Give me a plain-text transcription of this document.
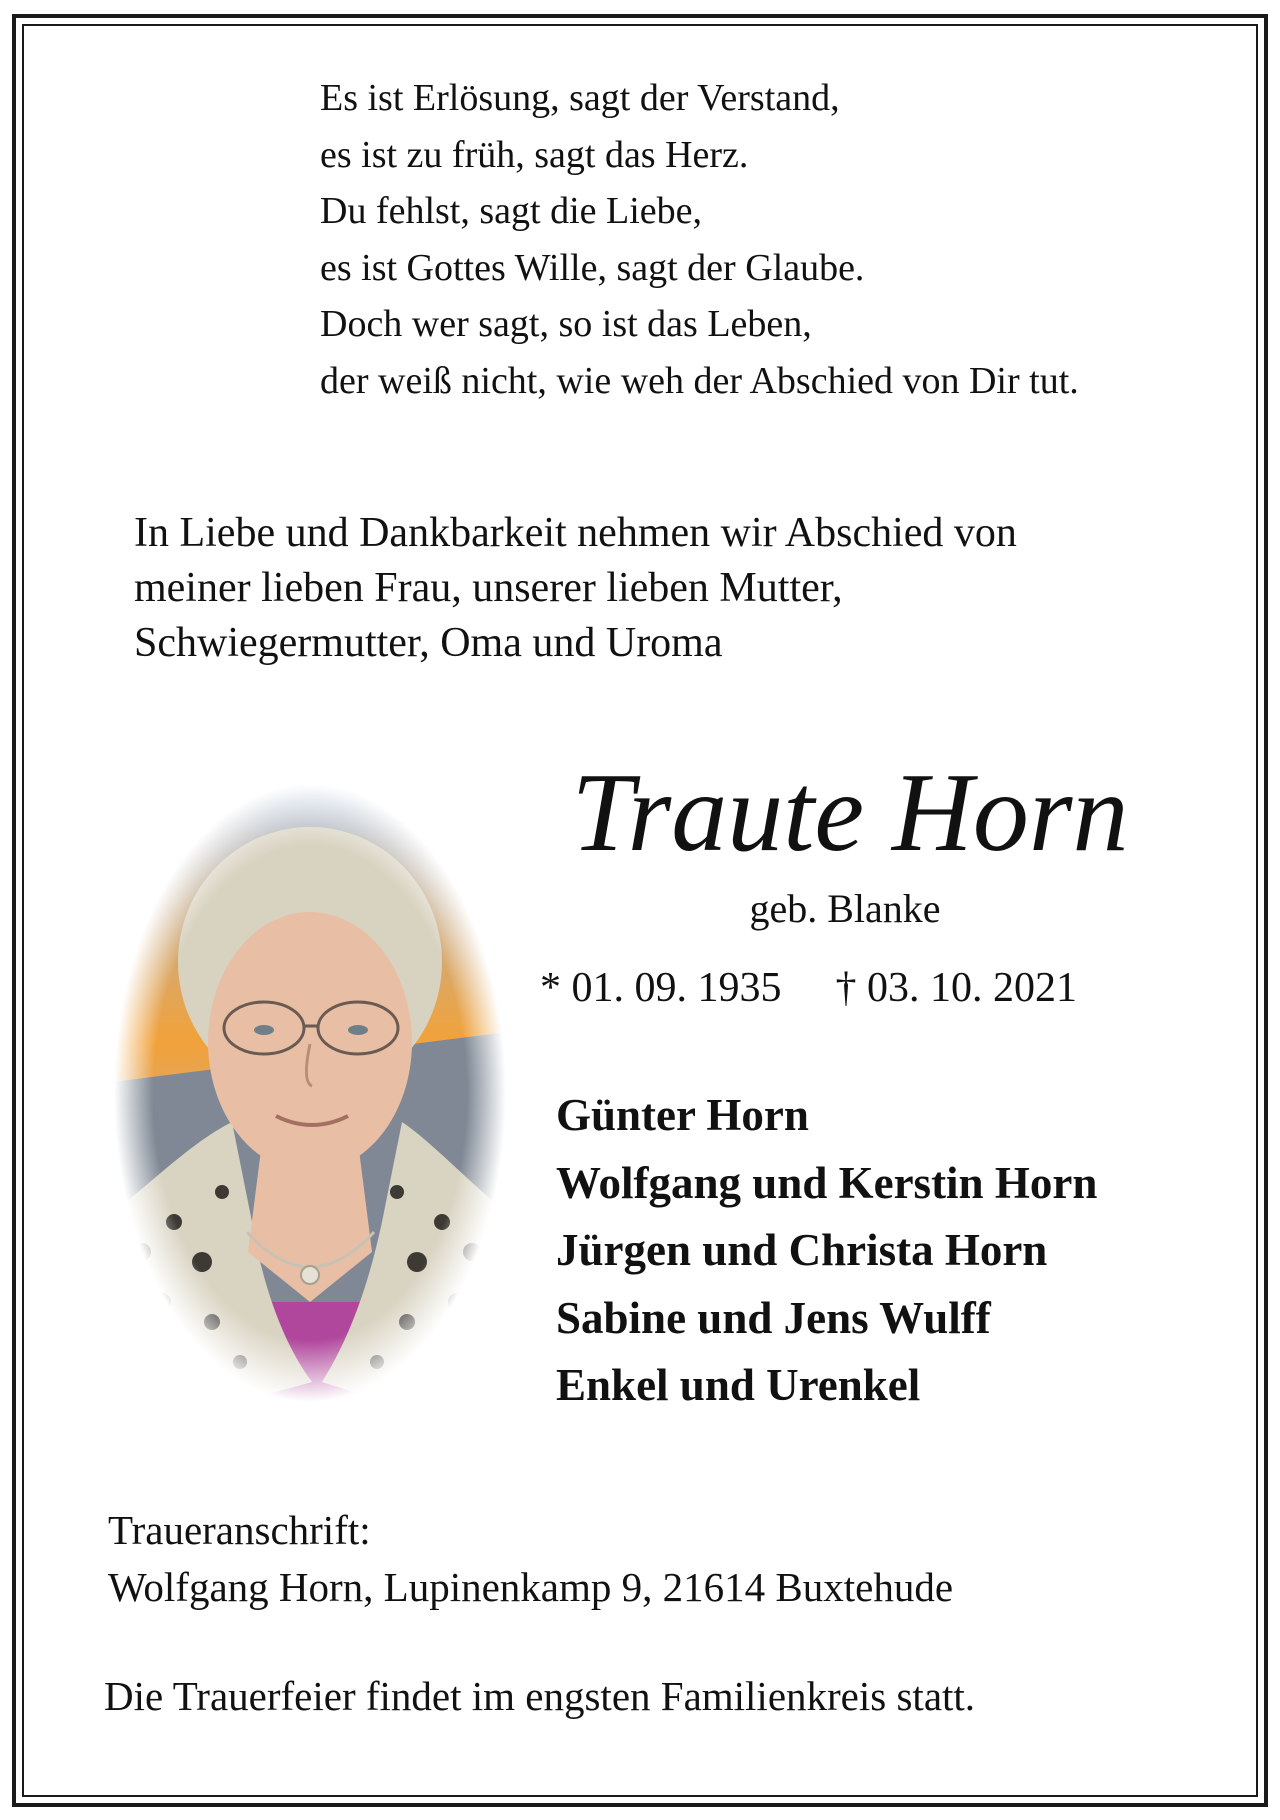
Es ist Erlösung, sagt der Verstand,
es ist zu früh, sagt das Herz.
Du fehlst, sagt die Liebe,
es ist Gottes Wille, sagt der Glaube.
Doch wer sagt, so ist das Leben,
der weiß nicht, wie weh der Abschied von Dir tut.
In Liebe und Dankbarkeit nehmen wir Abschied von
meiner lieben Frau, unserer lieben Mutter,
Schwiegermutter, Oma und Uroma
Traute Horn
geb. Blanke
* 01. 09. 1935 † 03. 10. 2021
Günter Horn
Wolfgang und Kerstin Horn
Jürgen und Christa Horn
Sabine und Jens Wulff
Enkel und Urenkel
Traueranschrift:
Wolfgang Horn, Lupinenkamp 9, 21614 Buxtehude
Die Trauerfeier findet im engsten Familienkreis statt.
